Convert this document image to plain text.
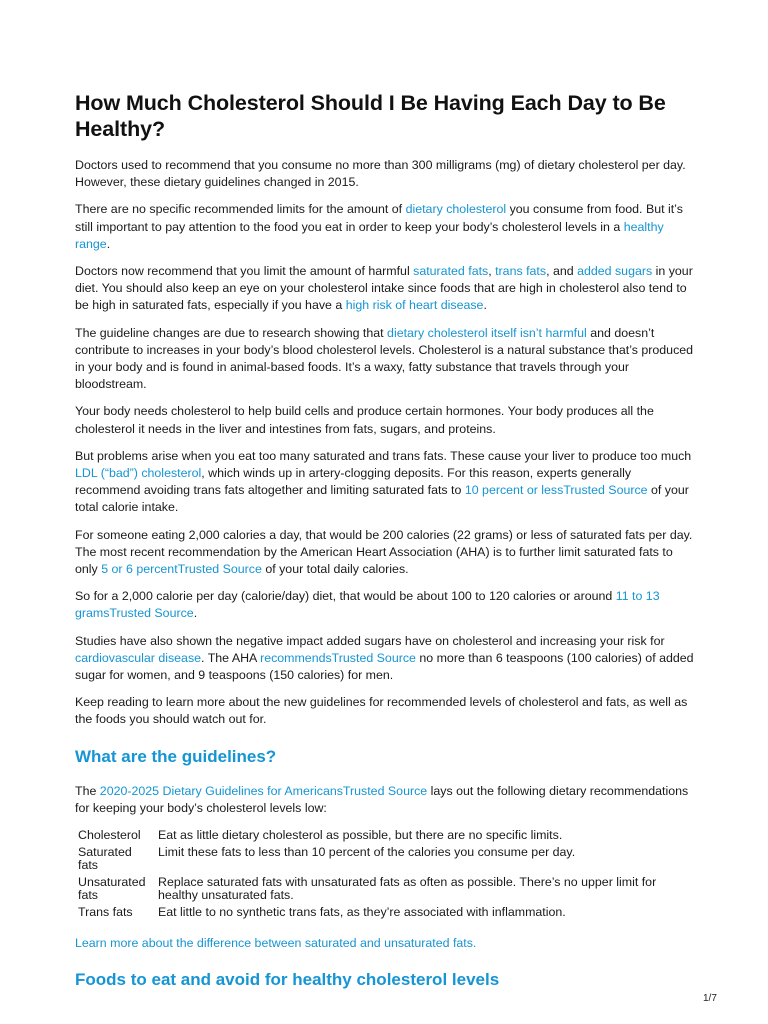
How Much Cholesterol Should I Be Having Each Day to Be Healthy?

Doctors used to recommend that you consume no more than 300 milligrams (mg) of dietary cholesterol per day. However, these dietary guidelines changed in 2015.

There are no specific recommended limits for the amount of dietary cholesterol you consume from food. But it’s still important to pay attention to the food you eat in order to keep your body’s cholesterol levels in a healthy range.

Doctors now recommend that you limit the amount of harmful saturated fats, trans fats, and added sugars in your diet. You should also keep an eye on your cholesterol intake since foods that are high in cholesterol also tend to be high in saturated fats, especially if you have a high risk of heart disease.

The guideline changes are due to research showing that dietary cholesterol itself isn’t harmful and doesn’t contribute to increases in your body’s blood cholesterol levels. Cholesterol is a natural substance that’s produced in your body and is found in animal-based foods. It’s a waxy, fatty substance that travels through your bloodstream.

Your body needs cholesterol to help build cells and produce certain hormones. Your body produces all the cholesterol it needs in the liver and intestines from fats, sugars, and proteins.

But problems arise when you eat too many saturated and trans fats. These cause your liver to produce too much LDL (“bad”) cholesterol, which winds up in artery-clogging deposits. For this reason, experts generally recommend avoiding trans fats altogether and limiting saturated fats to 10 percent or lessTrusted Source of your total calorie intake.

For someone eating 2,000 calories a day, that would be 200 calories (22 grams) or less of saturated fats per day. The most recent recommendation by the American Heart Association (AHA) is to further limit saturated fats to only 5 or 6 percentTrusted Source of your total daily calories.

So for a 2,000 calorie per day (calorie/day) diet, that would be about 100 to 120 calories or around 11 to 13 gramsTrusted Source.

Studies have also shown the negative impact added sugars have on cholesterol and increasing your risk for cardiovascular disease. The AHA recommendsTrusted Source no more than 6 teaspoons (100 calories) of added sugar for women, and 9 teaspoons (150 calories) for men.

Keep reading to learn more about the new guidelines for recommended levels of cholesterol and fats, as well as the foods you should watch out for.

What are the guidelines?

The 2020-2025 Dietary Guidelines for AmericansTrusted Source lays out the following dietary recommendations for keeping your body’s cholesterol levels low:

Cholesterol	Eat as little dietary cholesterol as possible, but there are no specific limits.
Saturated fats	Limit these fats to less than 10 percent of the calories you consume per day.
Unsaturated fats	Replace saturated fats with unsaturated fats as often as possible. There’s no upper limit for healthy unsaturated fats.
Trans fats	Eat little to no synthetic trans fats, as they’re associated with inflammation.

Learn more about the difference between saturated and unsaturated fats.

Foods to eat and avoid for healthy cholesterol levels
1/7
